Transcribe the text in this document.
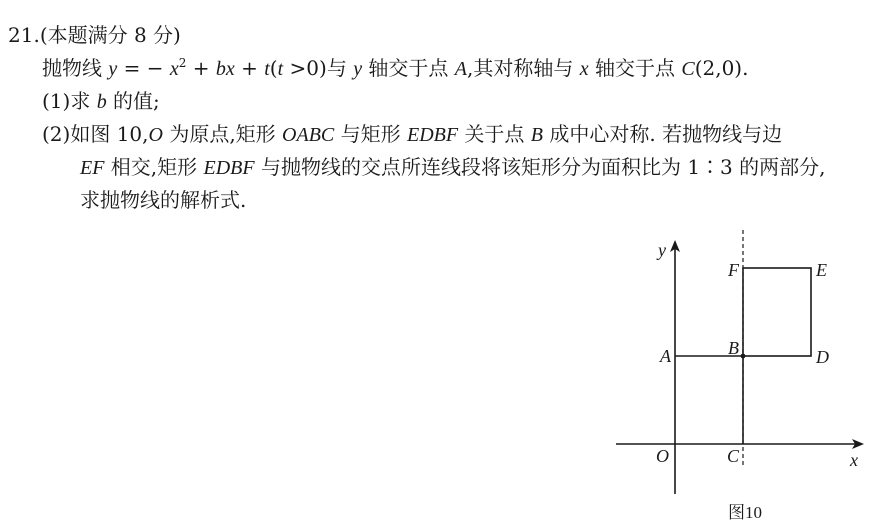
21.(本题满分 8 分)
抛物线 y = − $x^2$ + bx + t(t >0)与 y 轴交于点 A,其对称轴与 x 轴交于点 C(2,0).
(1)求 b 的值;
(2)如图 10,O 为原点,矩形 OABC 与矩形 EDBF 关于点 B 成中心对称. 若抛物线与边
EF 相交,矩形 EDBF 与抛物线的交点所连线段将该矩形分为面积比为 1∶3 的两部分,
求抛物线的解析式.
y
x
O
A	B
C
D
E
F
图10
